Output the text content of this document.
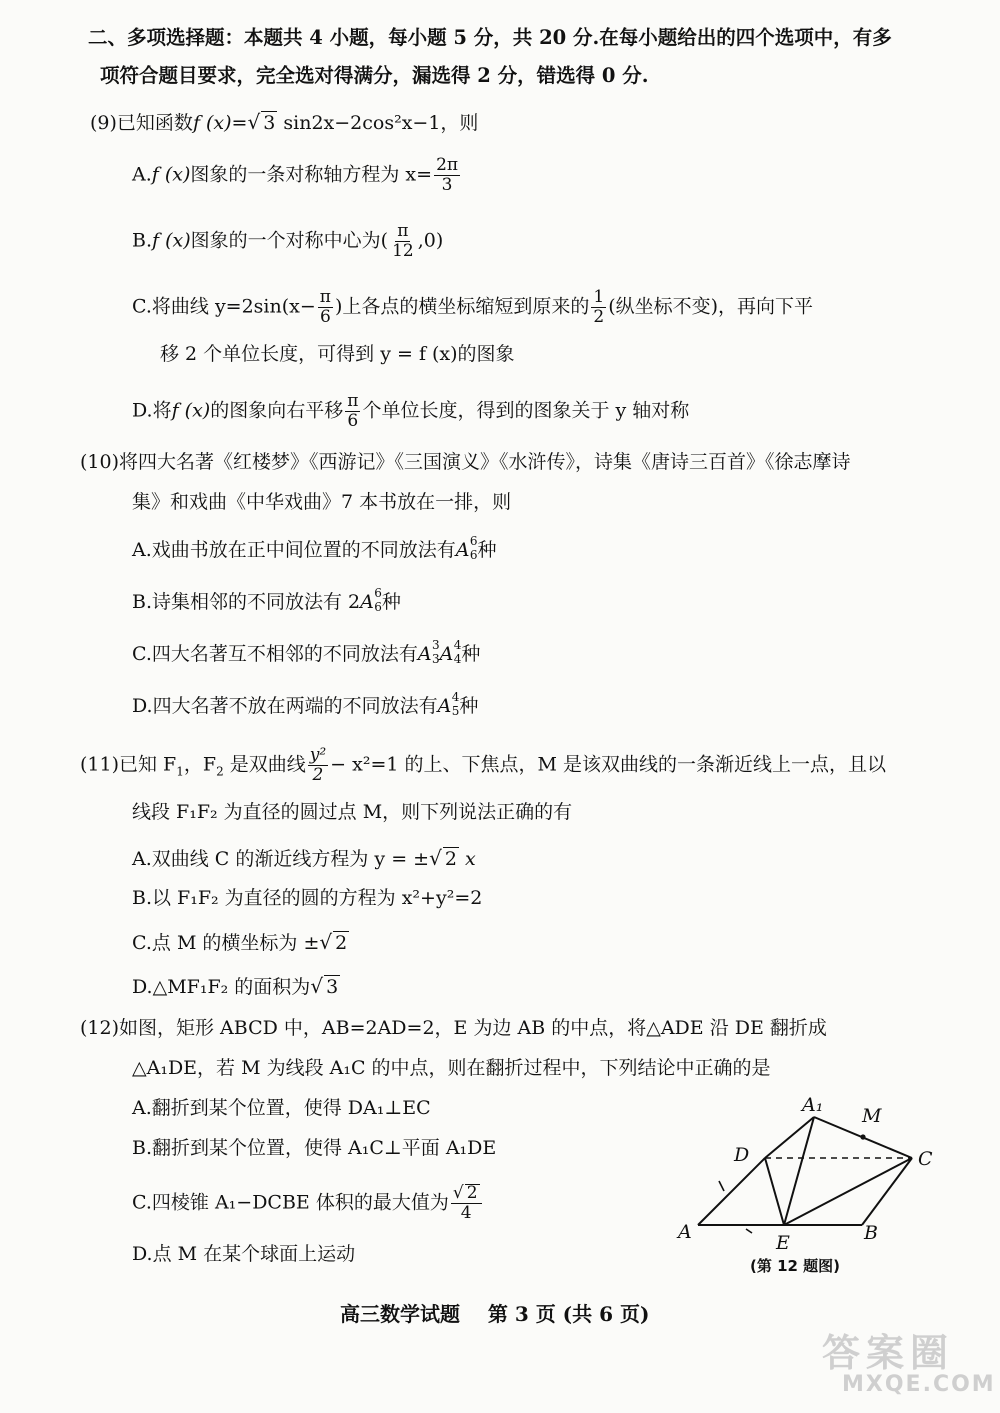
二、多项选择题：本题共 4 小题，每小题 5 分，共 20 分.在每小题给出的四个选项中，有多
项符合题目要求，完全选对得满分，漏选得 2 分，错选得 0 分.
(9)已知函数f (x)=√ 3 sin2x−2cos²x−1，则
A.f (x)图象的一条对称轴方程为 $x= \frac{2\pi}{3}$
B.f (x)图象的一个对称中心为( $\frac{\pi}{12} ,0$)
C.将曲线 $y=2\sin(x- \frac{\pi}{6}$ )上各点的横坐标缩短到原来的 $\frac{1}{2}$ (纵坐标不变)，再向下平
移 2 个单位长度，可得到 y = f (x)的图象
D.将f (x)的图象向右平移 $\frac{\pi}{6}$ 个单位长度，得到的图象关于 y 轴对称
(10)将四大名著《红楼梦》《西游记》《三国演义》《水浒传》，诗集《唐诗三百首》《徐志摩诗
集》和戏曲《中华戏曲》7 本书放在一排，则
A.戏曲书放在正中间位置的不同放法有A 6
6 种
B.诗集相邻的不同放法有 2A 6
6 种
C.四大名著互不相邻的不同放法有A 3
3 A 4
4 种
D.四大名著不放在两端的不同放法有A 4
5 种
(11)已知 $F_1$，$F_2$ 是双曲线 $\frac{\text{y²}}{2} - x^2=1$ 的上、下焦点，M 是该双曲线的一条渐近线上一点，且以
线段 F₁F₂ 为直径的圆过点 M，则下列说法正确的有
A.双曲线 C 的渐近线方程为 y = ±√ 2 x
B.以 F₁F₂ 为直径的圆的方程为 x²+y²=2
C.点 M 的横坐标为 ±√ 2
D.△MF₁F₂ 的面积为√ 3
(12)如图，矩形 ABCD 中，AB=2AD=2，E 为边 AB 的中点，将△ADE 沿 DE 翻折成
△A₁DE，若 M 为线段 A₁C 的中点，则在翻折过程中，下列结论中正确的是
A.翻折到某个位置，使得 DA₁⊥EC
B.翻折到某个位置，使得 A₁C⊥平面 A₁DE
C.四棱锥 A₁−DCBE 体积的最大值为 $\frac{√ 2}{4}$
D.点 M 在某个球面上运动
A₁ M
D	C
A	E	B
(第 12 题图)
高三数学试题    第 3 页 (共 6 页)
答案圈
MXQE.COM
